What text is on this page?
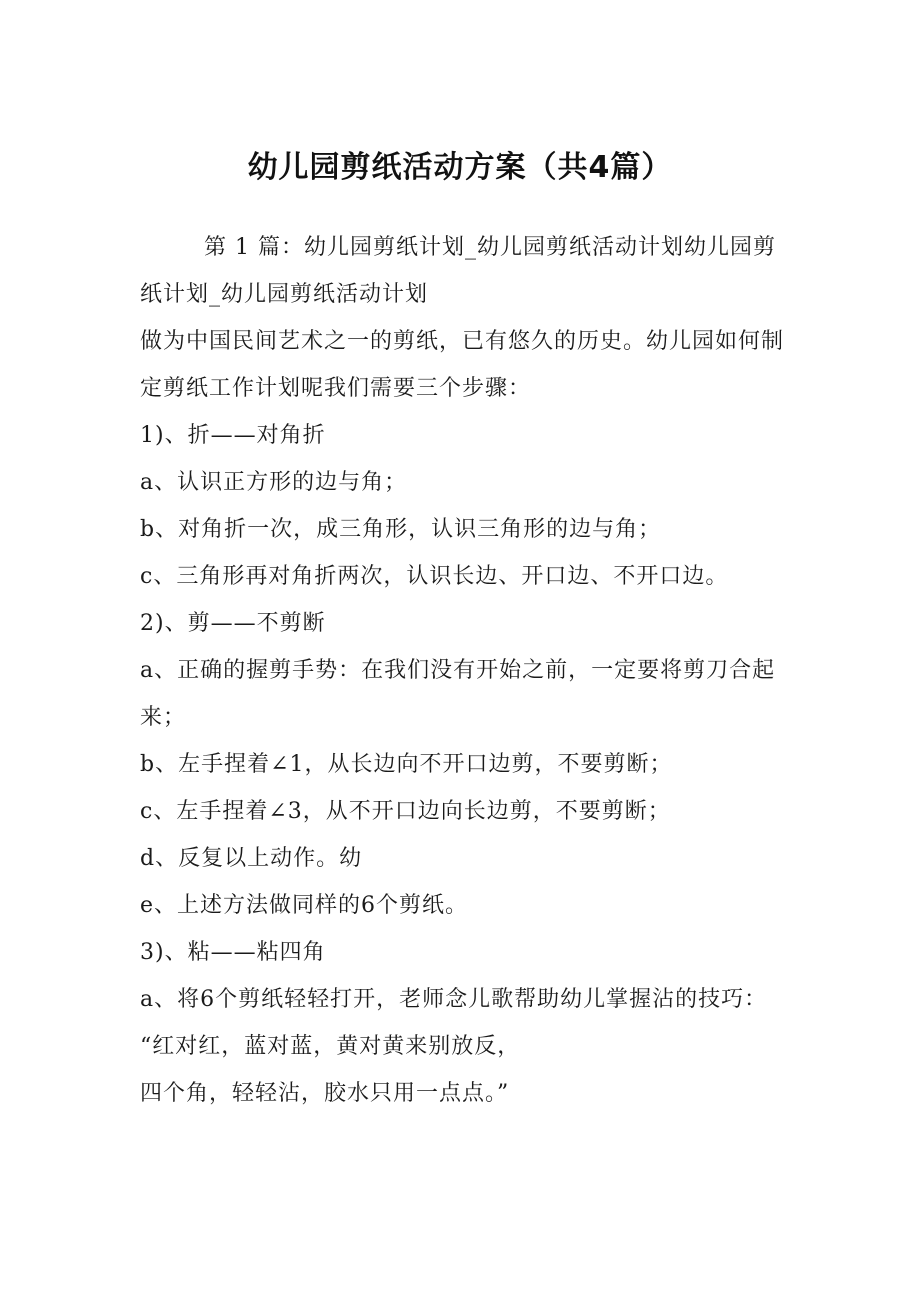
幼儿园剪纸活动方案（共4篇）

第 1 篇：幼儿园剪纸计划_幼儿园剪纸活动计划幼儿园剪纸计划_幼儿园剪纸活动计划

做为中国民间艺术之一的剪纸，已有悠久的历史。幼儿园如何制定剪纸工作计划呢我们需要三个步骤：

1)、折——对角折

a、认识正方形的边与角；

b、对角折一次，成三角形，认识三角形的边与角；

c、三角形再对角折两次，认识长边、开口边、不开口边。

2)、剪——不剪断

a、正确的握剪手势：在我们没有开始之前，一定要将剪刀合起来；

b、左手捏着∠1，从长边向不开口边剪，不要剪断；

c、左手捏着∠3，从不开口边向长边剪，不要剪断；

d、反复以上动作。幼

e、上述方法做同样的6个剪纸。

3)、粘——粘四角

a、将6个剪纸轻轻打开，老师念儿歌帮助幼儿掌握沾的技巧：

“红对红，蓝对蓝，黄对黄来别放反，

四个角，轻轻沾，胶水只用一点点。”
